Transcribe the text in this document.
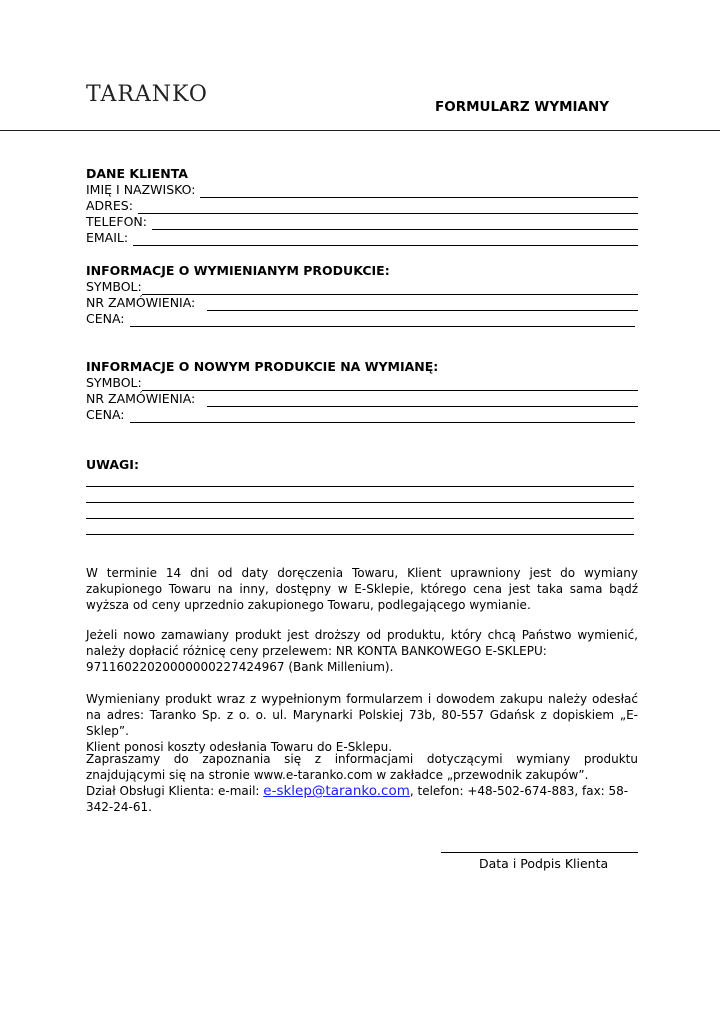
TARANKO	FORMULARZ WYMIANY
DANE KLIENTA
IMIĘ I NAZWISKO:
ADRES:
TELEFON:
EMAIL:
INFORMACJE O WYMIENIANYM PRODUKCIE:
SYMBOL:
NR ZAMÓWIENIA:
CENA:
INFORMACJE O NOWYM PRODUKCIE NA WYMIANĘ:
SYMBOL:
NR ZAMÓWIENIA:
CENA:
UWAGI:

W terminie 14 dni od daty doręczenia Towaru, Klient uprawniony jest do wymiany zakupionego Towaru na inny, dostępny w E-Sklepie, którego cena jest taka sama bądź wyższa od ceny uprzednio zakupionego Towaru, podlegającego wymianie.

Jeżeli nowo zamawiany produkt jest droższy od produktu, który chcą Państwo wymienić, należy dopłacić różnicę ceny przelewem: NR KONTA BANKOWEGO E-SKLEPU:

97116022020000000227424967 (Bank Millenium).

Wymieniany produkt wraz z wypełnionym formularzem i dowodem zakupu należy odesłać na adres: Taranko Sp. z o. o. ul. Marynarki Polskiej 73b, 80-557 Gdańsk z dopiskiem „E-Sklep”.

Klient ponosi koszty odesłania Towaru do E-Sklepu.

Zapraszamy do zapoznania się z informacjami dotyczącymi wymiany produktu znajdującymi się na stronie www.e-taranko.com w zakładce „przewodnik zakupów”.

Dział Obsługi Klienta: e-mail: e-sklep@taranko.com, telefon: +48-502-674-883, fax: 58-342-24-61.

Data i Podpis Klienta
